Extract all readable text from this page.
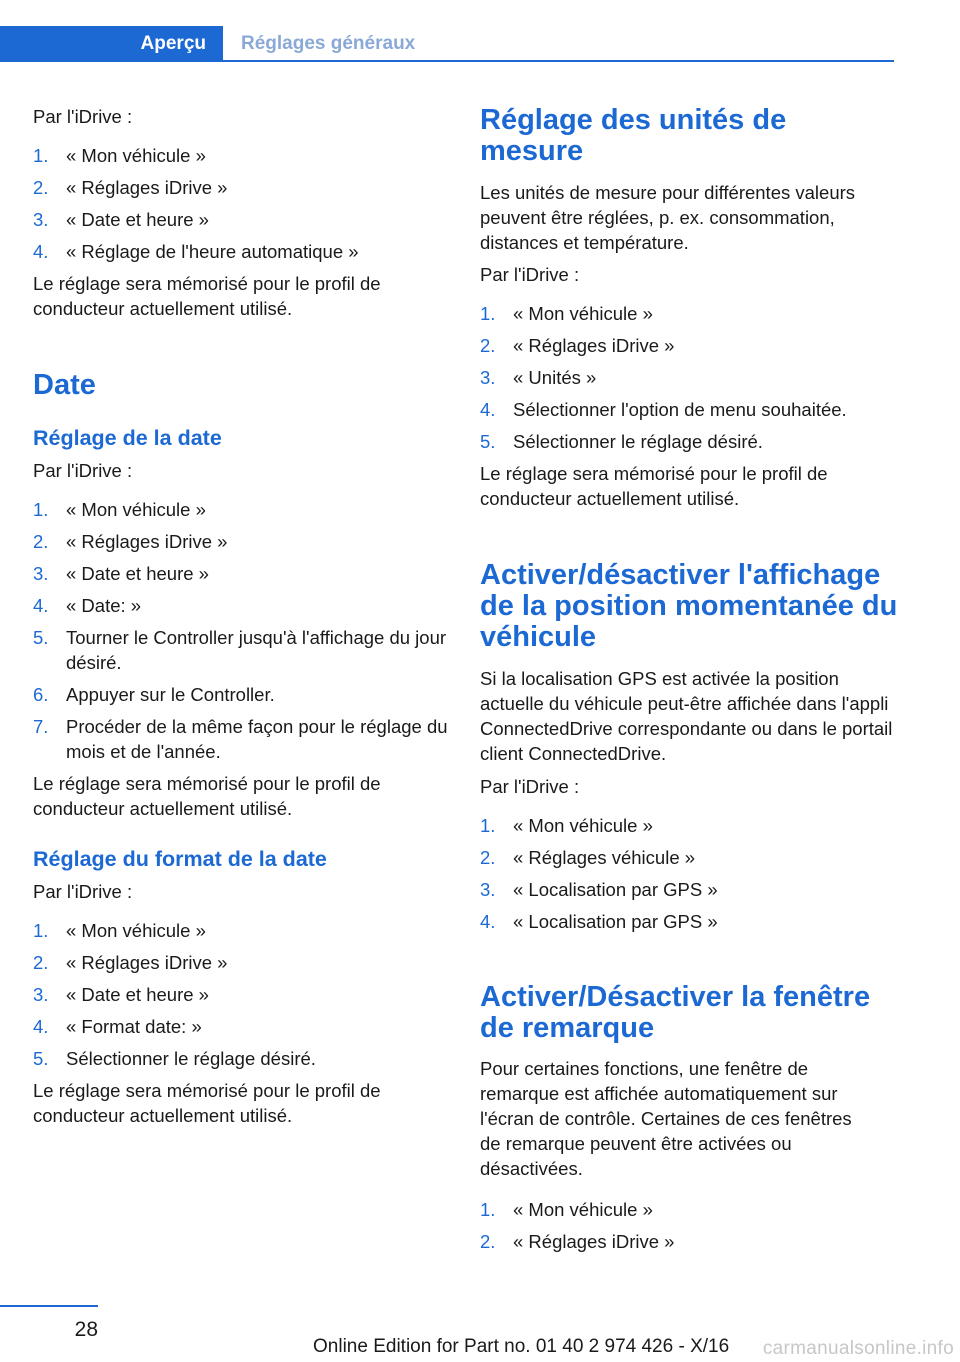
Aperçu	Réglages généraux

Par l'iDrive :

1. « Mon véhicule »
2. « Réglages iDrive »
3. « Date et heure »
4. « Réglage de l'heure automatique »

Le réglage sera mémorisé pour le profil de conducteur actuellement utilisé.

Date
Réglage de la date

Par l'iDrive :

1. « Mon véhicule »
2. « Réglages iDrive »
3. « Date et heure »
4. « Date: »
5. Tourner le Controller jusqu'à l'affichage du jour désiré.
6. Appuyer sur le Controller.
7. Procéder de la même façon pour le réglage du mois et de l'année.

Le réglage sera mémorisé pour le profil de conducteur actuellement utilisé.

Réglage du format de la date

Par l'iDrive :

1. « Mon véhicule »
2. « Réglages iDrive »
3. « Date et heure »
4. « Format date: »
5. Sélectionner le réglage désiré.

Le réglage sera mémorisé pour le profil de conducteur actuellement utilisé.

Réglage des unités de mesure

Les unités de mesure pour différentes valeurs peuvent être réglées, p. ex. consommation, distances et température.

Par l'iDrive :

1. « Mon véhicule »
2. « Réglages iDrive »
3. « Unités »
4. Sélectionner l'option de menu souhaitée.
5. Sélectionner le réglage désiré.

Le réglage sera mémorisé pour le profil de conducteur actuellement utilisé.

Activer/désactiver l'affichage de la position momentanée du véhicule

Si la localisation GPS est activée la position actuelle du véhicule peut-être affichée dans l'appli ConnectedDrive correspondante ou dans le portail client ConnectedDrive.

Par l'iDrive :

1. « Mon véhicule »
2. « Réglages véhicule »
3. « Localisation par GPS »
4. « Localisation par GPS »
Activer/Désactiver la fenêtre de remarque

Pour certaines fonctions, une fenêtre de remarque est affichée automatiquement sur l'écran de contrôle. Certaines de ces fenêtres de remarque peuvent être activées ou désactivées.

1. « Mon véhicule »
2. « Réglages iDrive »
28
Online Edition for Part no. 01 40 2 974 426 - X/16 carmanualsonline.info
